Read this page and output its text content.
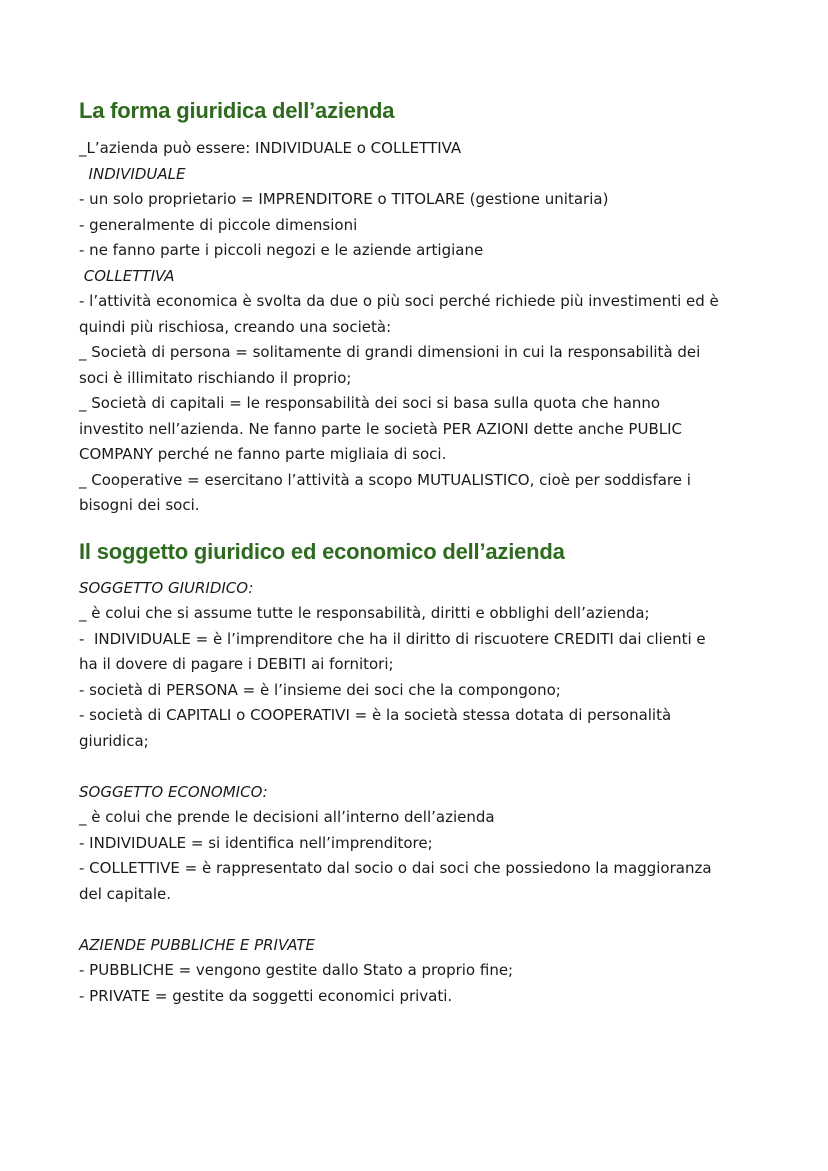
La forma giuridica dell’azienda

_L’azienda può essere: INDIVIDUALE o COLLETTIVA

INDIVIDUALE

- un solo proprietario = IMPRENDITORE o TITOLARE (gestione unitaria)

- generalmente di piccole dimensioni

- ne fanno parte i piccoli negozi e le aziende artigiane

COLLETTIVA

- l’attività economica è svolta da due o più soci perché richiede più investimenti ed è

quindi più rischiosa, creando una società:

_ Società di persona = solitamente di grandi dimensioni in cui la responsabilità dei

soci è illimitato rischiando il proprio;

_ Società di capitali = le responsabilità dei soci si basa sulla quota che hanno

investito nell’azienda. Ne fanno parte le società PER AZIONI dette anche PUBLIC

COMPANY perché ne fanno parte migliaia di soci.

_ Cooperative = esercitano l’attività a scopo MUTUALISTICO, cioè per soddisfare i

bisogni dei soci.

Il soggetto giuridico ed economico dell’azienda

SOGGETTO GIURIDICO:

_ è colui che si assume tutte le responsabilità, diritti e obblighi dell’azienda;

-  INDIVIDUALE = è l’imprenditore che ha il diritto di riscuotere CREDITI dai clienti e

ha il dovere di pagare i DEBITI ai fornitori;

- società di PERSONA = è l’insieme dei soci che la compongono;

- società di CAPITALI o COOPERATIVI = è la società stessa dotata di personalità

giuridica;

SOGGETTO ECONOMICO:

_ è colui che prende le decisioni all’interno dell’azienda

- INDIVIDUALE = si identifica nell’imprenditore;

- COLLETTIVE = è rappresentato dal socio o dai soci che possiedono la maggioranza

del capitale.

AZIENDE PUBBLICHE E PRIVATE

- PUBBLICHE = vengono gestite dallo Stato a proprio fine;

- PRIVATE = gestite da soggetti economici privati.
